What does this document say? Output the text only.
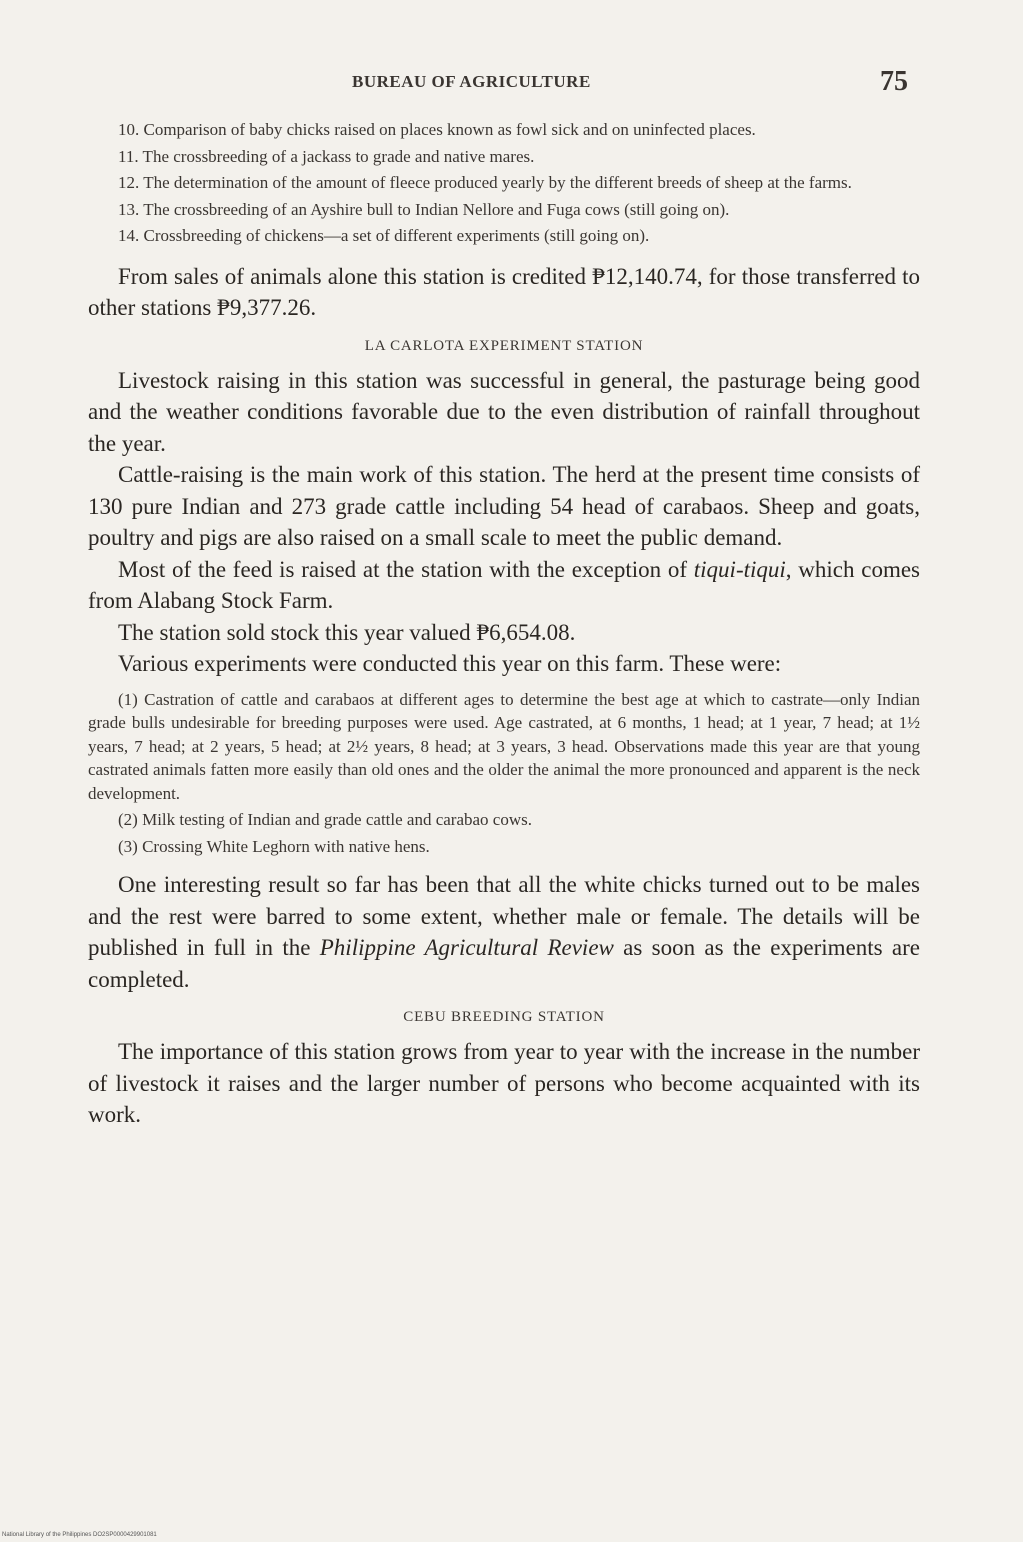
BUREAU OF AGRICULTURE	75

10. Comparison of baby chicks raised on places known as fowl sick and on uninfected places.

11. The crossbreeding of a jackass to grade and native mares.

12. The determination of the amount of fleece produced yearly by the different breeds of sheep at the farms.

13. The crossbreeding of an Ayshire bull to Indian Nellore and Fuga cows (still going on).

14. Crossbreeding of chickens—a set of different experiments (still going on).

From sales of animals alone this station is credited ₱12,140.74, for those transferred to other stations ₱9,377.26.

LA CARLOTA EXPERIMENT STATION

Livestock raising in this station was successful in general, the pasturage being good and the weather conditions favorable due to the even distribution of rainfall throughout the year.

Cattle-raising is the main work of this station. The herd at the present time consists of 130 pure Indian and 273 grade cattle including 54 head of carabaos. Sheep and goats, poultry and pigs are also raised on a small scale to meet the public demand.

Most of the feed is raised at the station with the exception of tiqui-tiqui, which comes from Alabang Stock Farm.

The station sold stock this year valued ₱6,654.08.

Various experiments were conducted this year on this farm. These were:

(1) Castration of cattle and carabaos at different ages to determine the best age at which to castrate—only Indian grade bulls undesirable for breeding purposes were used. Age castrated, at 6 months, 1 head; at 1 year, 7 head; at 1½ years, 7 head; at 2 years, 5 head; at 2½ years, 8 head; at 3 years, 3 head. Observations made this year are that young castrated animals fatten more easily than old ones and the older the animal the more pronounced and apparent is the neck development.

(2) Milk testing of Indian and grade cattle and carabao cows.

(3) Crossing White Leghorn with native hens.

One interesting result so far has been that all the white chicks turned out to be males and the rest were barred to some extent, whether male or female. The details will be published in full in the Philippine Agricultural Review as soon as the experiments are completed.

CEBU BREEDING STATION

The importance of this station grows from year to year with the increase in the number of livestock it raises and the larger number of persons who become acquainted with its work.

National Library of the Philippines DO2SP0000429901081
